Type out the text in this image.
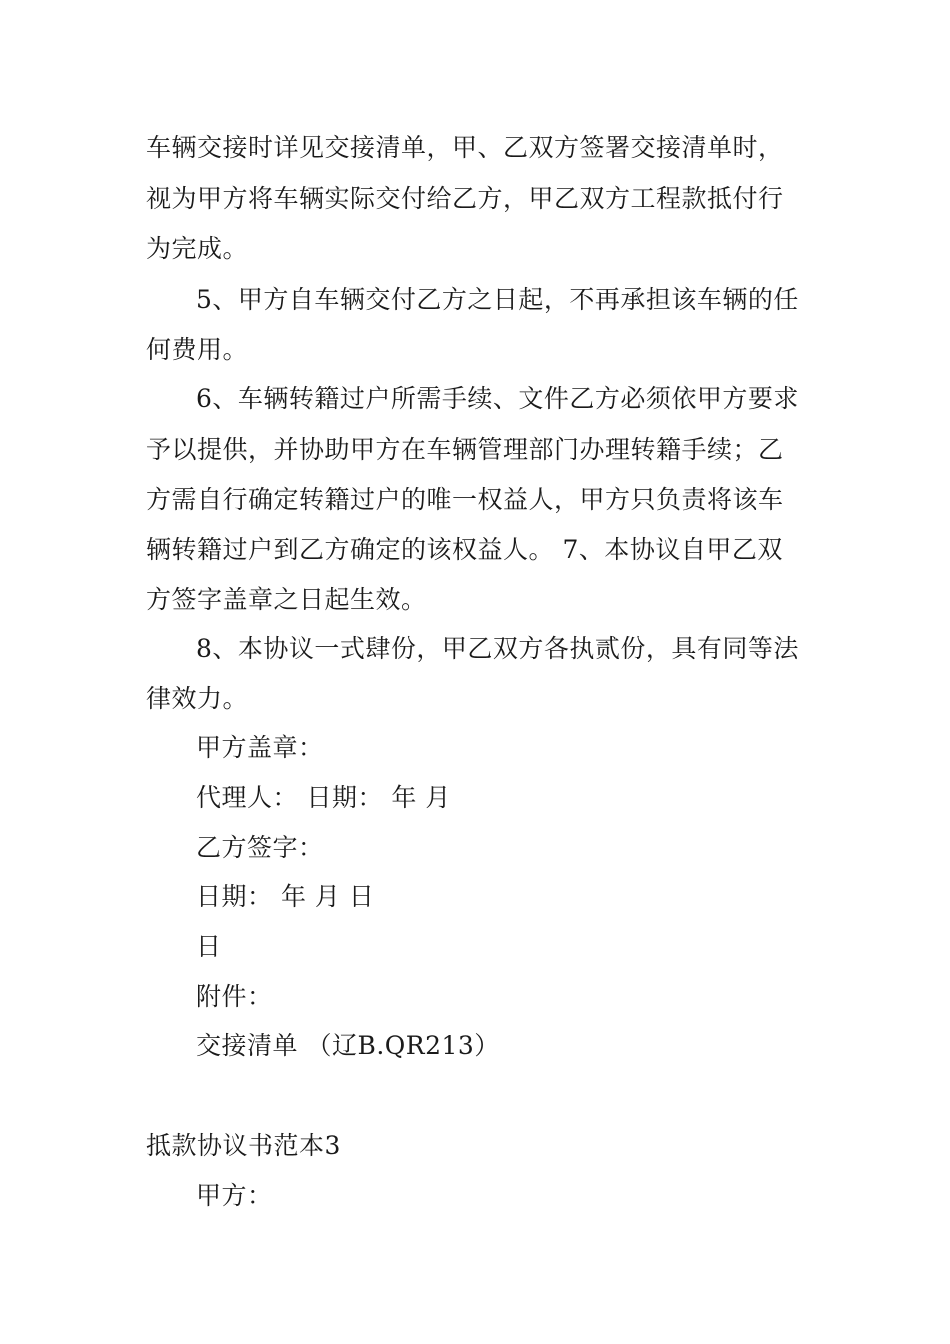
车辆交接时详见交接清单，甲、乙双方签署交接清单时，
视为甲方将车辆实际交付给乙方，甲乙双方工程款抵付行
为完成。
5、甲方自车辆交付乙方之日起，不再承担该车辆的任
何费用。
6、车辆转籍过户所需手续、文件乙方必须依甲方要求
予以提供，并协助甲方在车辆管理部门办理转籍手续；乙
方需自行确定转籍过户的唯一权益人，甲方只负责将该车
辆转籍过户到乙方确定的该权益人。 7、本协议自甲乙双
方签字盖章之日起生效。
8、本协议一式肆份，甲乙双方各执贰份，具有同等法
律效力。
甲方盖章：
代理人： 日期： 年 月
乙方签字：
日期： 年 月 日
日
附件：
交接清单 （辽B.QR213）
抵款协议书范本3
甲方：
